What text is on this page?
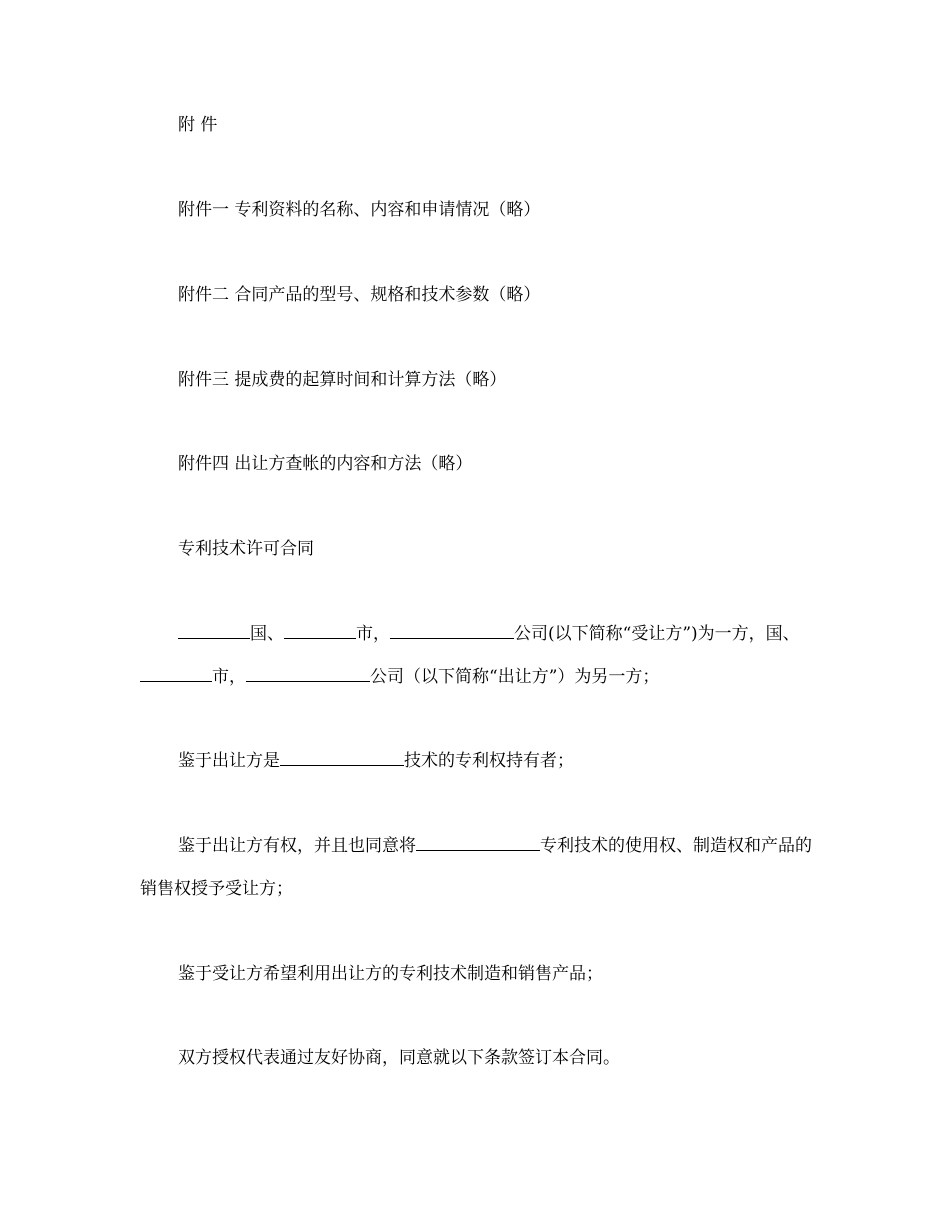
附 件
附件一 专利资料的名称、内容和申请情况（略）
附件二 合同产品的型号、规格和技术参数（略）
附件三 提成费的起算时间和计算方法（略）
附件四 出让方查帐的内容和方法（略）
专利技术许可合同
国、	市，	公司(以下简称“受让方”)为一方，国、市，	公司（以下简称“出让方”）为另一方；
鉴于出让方是	技术的专利权持有者；
鉴于出让方有权，并且也同意将	专利技术的使用权、制造权和产品的销售权授予受让方；
鉴于受让方希望利用出让方的专利技术制造和销售产品；
双方授权代表通过友好协商，同意就以下条款签订本合同。
